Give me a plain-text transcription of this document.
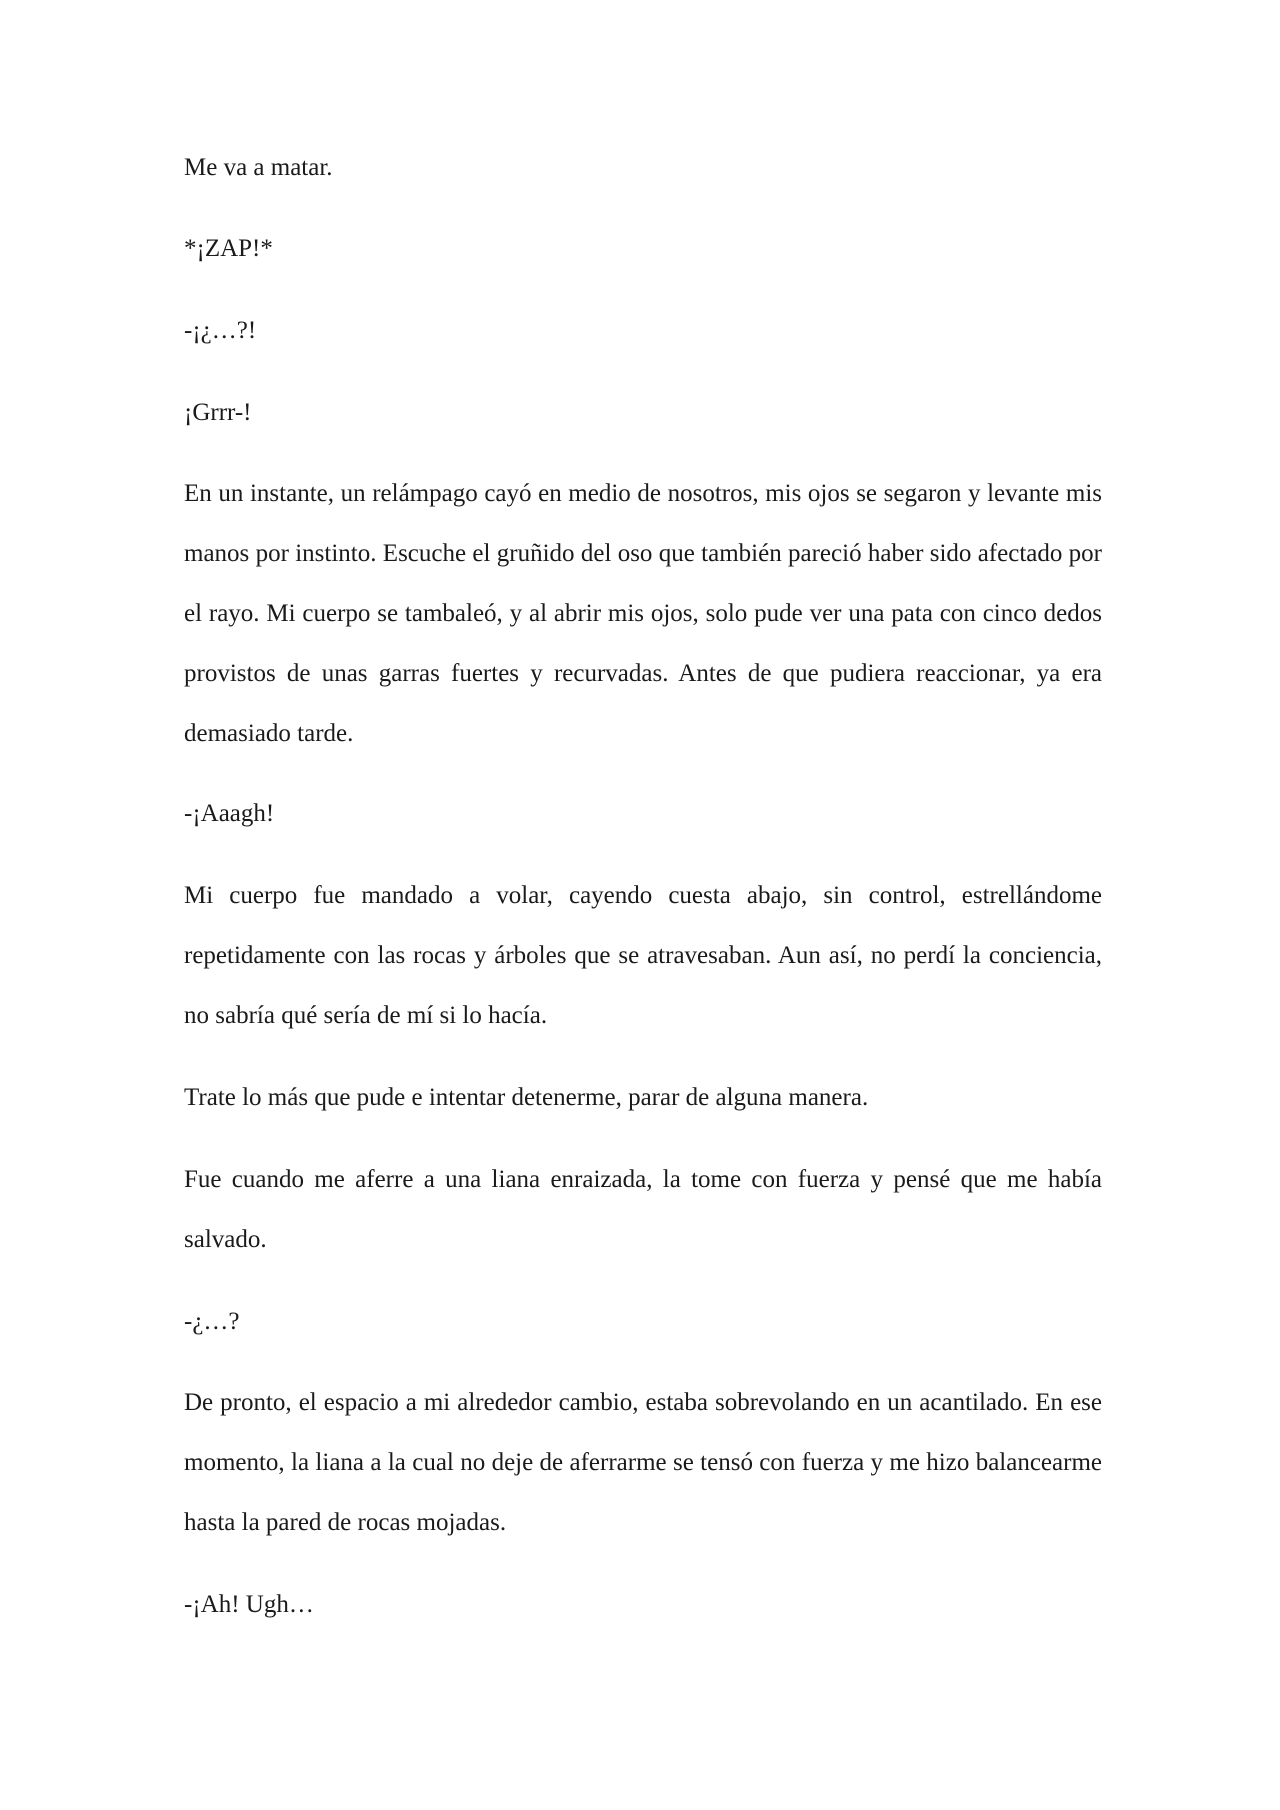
Me va a matar.

*¡ZAP!*

-¡¿…?!

¡Grrr-!

En un instante, un relámpago cayó en medio de nosotros, mis ojos se segaron y levante mis manos por instinto. Escuche el gruñido del oso que también pareció haber sido afectado por el rayo. Mi cuerpo se tambaleó, y al abrir mis ojos, solo pude ver una pata con cinco dedos provistos de unas garras fuertes y recurvadas. Antes de que pudiera reaccionar, ya era demasiado tarde.

-¡Aaagh!

Mi cuerpo fue mandado a volar, cayendo cuesta abajo, sin control, estrellándome repetidamente con las rocas y árboles que se atravesaban. Aun así, no perdí la conciencia, no sabría qué sería de mí si lo hacía.

Trate lo más que pude e intentar detenerme, parar de alguna manera.

Fue cuando me aferre a una liana enraizada, la tome con fuerza y pensé que me había salvado.

-¿…?

De pronto, el espacio a mi alrededor cambio, estaba sobrevolando en un acantilado. En ese momento, la liana a la cual no deje de aferrarme se tensó con fuerza y me hizo balancearme hasta la pared de rocas mojadas.

-¡Ah! Ugh…
